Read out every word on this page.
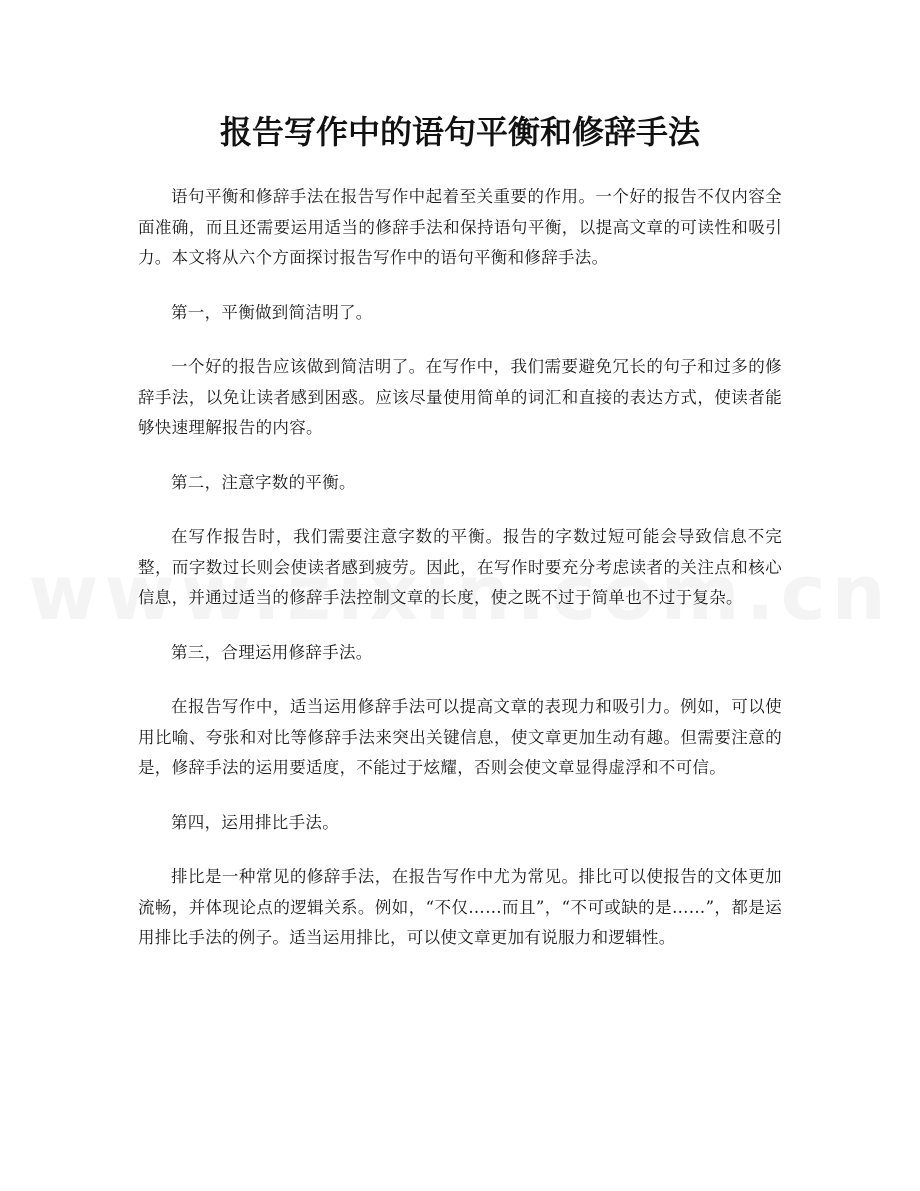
报告写作中的语句平衡和修辞手法

语句平衡和修辞手法在报告写作中起着至关重要的作用。一个好的报告不仅内容全面准确，而且还需要运用适当的修辞手法和保持语句平衡，以提高文章的可读性和吸引力。本文将从六个方面探讨报告写作中的语句平衡和修辞手法。

第一，平衡做到简洁明了。

一个好的报告应该做到简洁明了。在写作中，我们需要避免冗长的句子和过多的修辞手法，以免让读者感到困惑。应该尽量使用简单的词汇和直接的表达方式，使读者能够快速理解报告的内容。

第二，注意字数的平衡。

在写作报告时，我们需要注意字数的平衡。报告的字数过短可能会导致信息不完整，而字数过长则会使读者感到疲劳。因此，在写作时要充分考虑读者的关注点和核心信息，并通过适当的修辞手法控制文章的长度，使之既不过于简单也不过于复杂。

第三，合理运用修辞手法。

在报告写作中，适当运用修辞手法可以提高文章的表现力和吸引力。例如，可以使用比喻、夸张和对比等修辞手法来突出关键信息，使文章更加生动有趣。但需要注意的是，修辞手法的运用要适度，不能过于炫耀，否则会使文章显得虚浮和不可信。

第四，运用排比手法。

排比是一种常见的修辞手法，在报告写作中尤为常见。排比可以使报告的文体更加流畅，并体现论点的逻辑关系。例如，“不仅……而且”，“不可或缺的是……”，都是运用排比手法的例子。适当运用排比，可以使文章更加有说服力和逻辑性。
